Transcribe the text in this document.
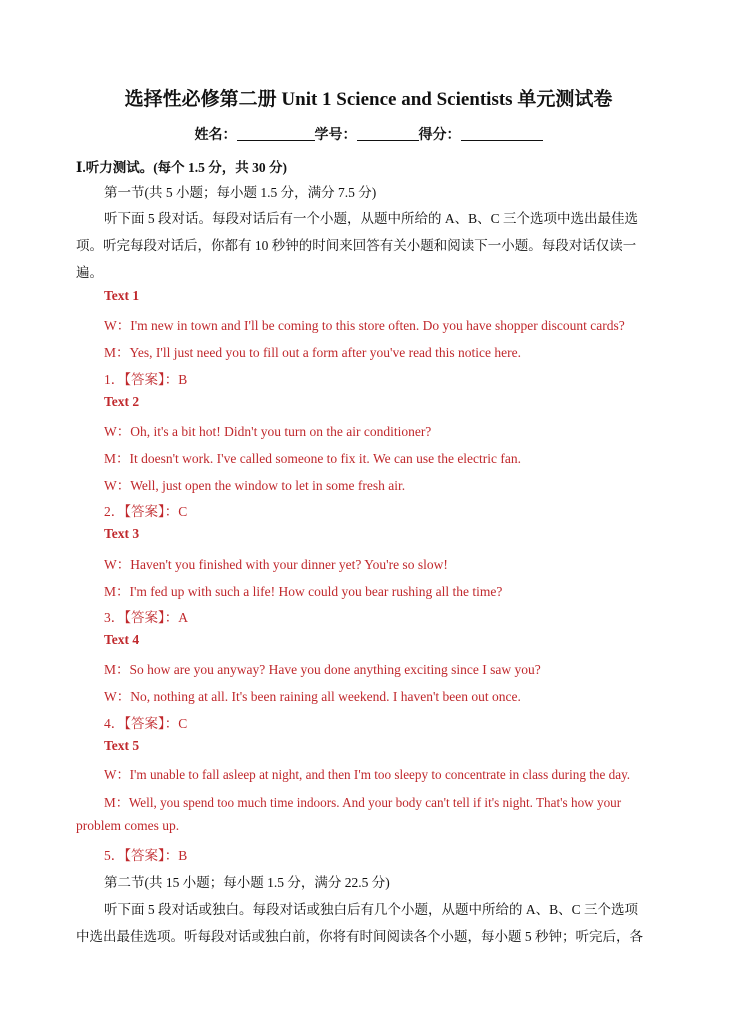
选择性必修第二册 Unit 1 Science and Scientists 单元测试卷
姓名：	学号：	得分：
Ⅰ.听力测试。(每个 1.5 分，共 30 分)
第一节(共 5 小题；每小题 1.5 分，满分 7.5 分)
听下面 5 段对话。每段对话后有一个小题，从题中所给的 A、B、C 三个选项中选出最佳选
项。听完每段对话后，你都有 10 秒钟的时间来回答有关小题和阅读下一小题。每段对话仅读一
遍。
Text 1
W：I'm new in town and I'll be coming to this store often. Do you have shopper discount cards?
M：Yes, I'll just need you to fill out a form after you've read this notice here.
1．【答案】：B
Text 2
W：Oh, it's a bit hot! Didn't you turn on the air conditioner?
M：It doesn't work. I've called someone to fix it. We can use the electric fan.
W：Well, just open the window to let in some fresh air.
2．【答案】：C
Text 3
W：Haven't you finished with your dinner yet? You're so slow!
M：I'm fed up with such a life! How could you bear rushing all the time?
3．【答案】：A
Text 4
M：So how are you anyway? Have you done anything exciting since I saw you?
W：No, nothing at all. It's been raining all weekend. I haven't been out once.
4．【答案】：C
Text 5
W：I'm unable to fall asleep at night, and then I'm too sleepy to concentrate in class during the day.
M：Well, you spend too much time indoors. And your body can't tell if it's night. That's how your
problem comes up.
5．【答案】：B
第二节(共 15 小题；每小题 1.5 分，满分 22.5 分)
听下面 5 段对话或独白。每段对话或独白后有几个小题，从题中所给的 A、B、C 三个选项
中选出最佳选项。听每段对话或独白前，你将有时间阅读各个小题，每小题 5 秒钟；听完后，各
